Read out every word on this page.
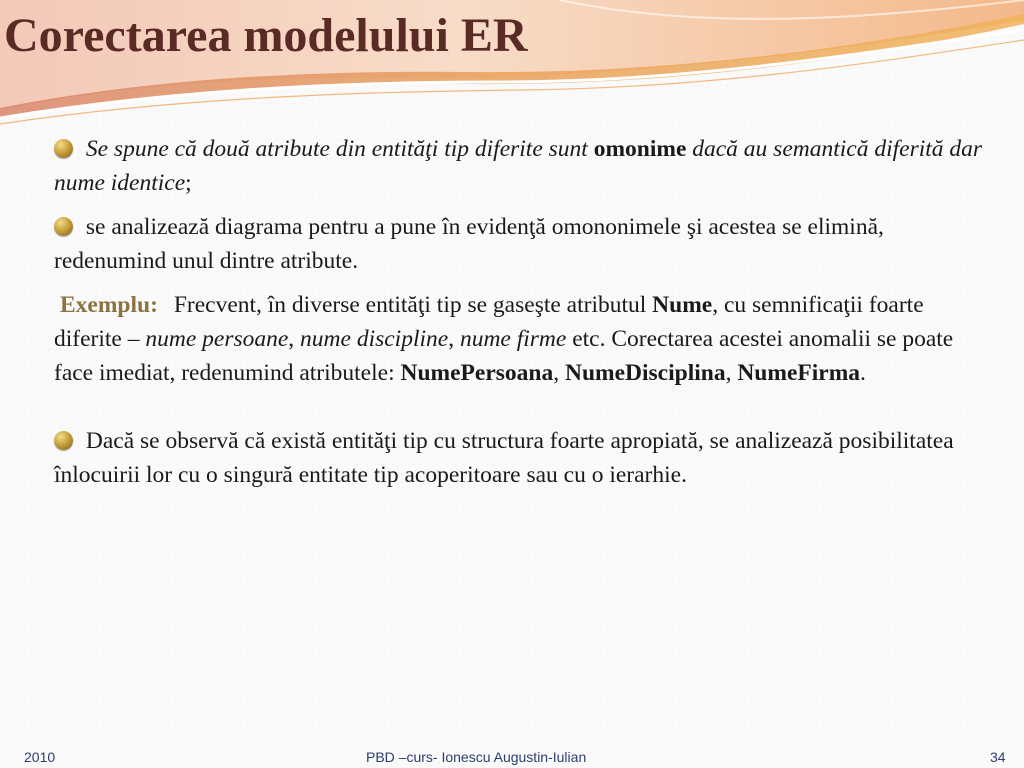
Corectarea modelului ER

Se spune că două atribute din entităţi tip diferite sunt omonime dacă au semantică diferită dar nume identice;

se analizează diagrama pentru a pune în evidenţă omononimele şi acestea se elimină, redenumind unul dintre atribute.

Exemplu: Frecvent, în diverse entităţi tip se gaseşte atributul Nume, cu semnificaţii foarte diferite – nume persoane, nume discipline, nume firme etc. Corectarea acestei anomalii se poate face imediat, redenumind atributele: NumePersoana, NumeDisciplina, NumeFirma.

Dacă se observă că există entităţi tip cu structura foarte apropiată, se analizează posibilitatea înlocuirii lor cu o singură entitate tip acoperitoare sau cu o ierarhie.

2010	PBD –curs- Ionescu Augustin-Iulian	34
